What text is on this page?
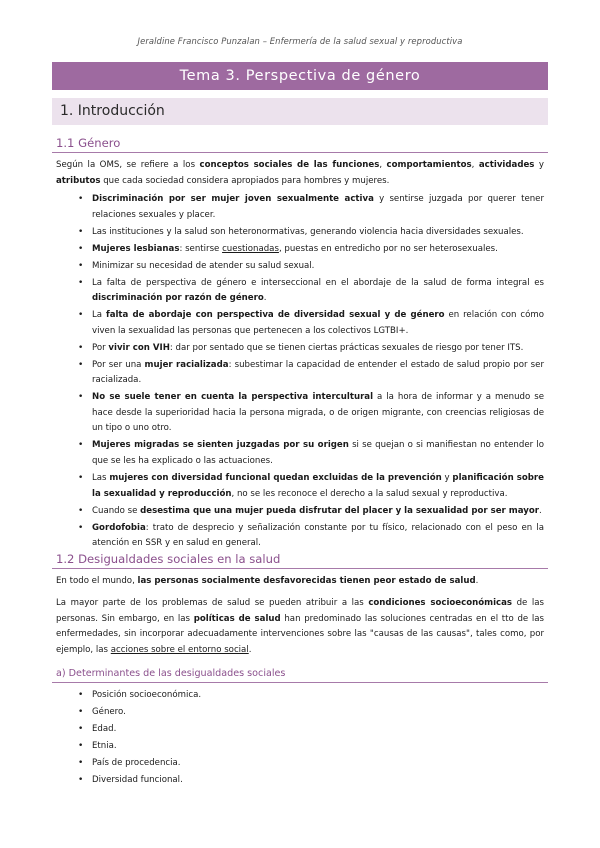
Jeraldine Francisco Punzalan – Enfermería de la salud sexual y reproductiva
Tema 3. Perspectiva de género
1. Introducción
1.1 Género

Según la OMS, se refiere a los conceptos sociales de las funciones, comportamientos, actividades y atributos que cada sociedad considera apropiados para hombres y mujeres.

• Discriminación por ser mujer joven sexualmente activa y sentirse juzgada por querer tener relaciones sexuales y placer.
• Las instituciones y la salud son heteronormativas, generando violencia hacia diversidades sexuales.
• Mujeres lesbianas: sentirse cuestionadas, puestas en entredicho por no ser heterosexuales.
• Minimizar su necesidad de atender su salud sexual.
• La falta de perspectiva de género e interseccional en el abordaje de la salud de forma integral es discriminación por razón de género.
• La falta de abordaje con perspectiva de diversidad sexual y de género en relación con cómo viven la sexualidad las personas que pertenecen a los colectivos LGTBI+.
• Por vivir con VIH: dar por sentado que se tienen ciertas prácticas sexuales de riesgo por tener ITS.
• Por ser una mujer racializada: subestimar la capacidad de entender el estado de salud propio por ser racializada.
• No se suele tener en cuenta la perspectiva intercultural a la hora de informar y a menudo se hace desde la superioridad hacia la persona migrada, o de origen migrante, con creencias religiosas de un tipo o uno otro.
• Mujeres migradas se sienten juzgadas por su origen si se quejan o si manifiestan no entender lo que se les ha explicado o las actuaciones.
• Las mujeres con diversidad funcional quedan excluidas de la prevención y planificación sobre la sexualidad y reproducción, no se les reconoce el derecho a la salud sexual y reproductiva.
• Cuando se desestima que una mujer pueda disfrutar del placer y la sexualidad por ser mayor.
• Gordofobia: trato de desprecio y señalización constante por tu físico, relacionado con el peso en la atención en SSR y en salud en general.
1.2 Desigualdades sociales en la salud

En todo el mundo, las personas socialmente desfavorecidas tienen peor estado de salud.

La mayor parte de los problemas de salud se pueden atribuir a las condiciones socioeconómicas de las personas. Sin embargo, en las políticas de salud han predominado las soluciones centradas en el tto de las enfermedades, sin incorporar adecuadamente intervenciones sobre las "causas de las causas", tales como, por ejemplo, las acciones sobre el entorno social.

a) Determinantes de las desigualdades sociales
• Posición socioeconómica.
• Género.
• Edad.
• Etnia.
• País de procedencia.
• Diversidad funcional.
